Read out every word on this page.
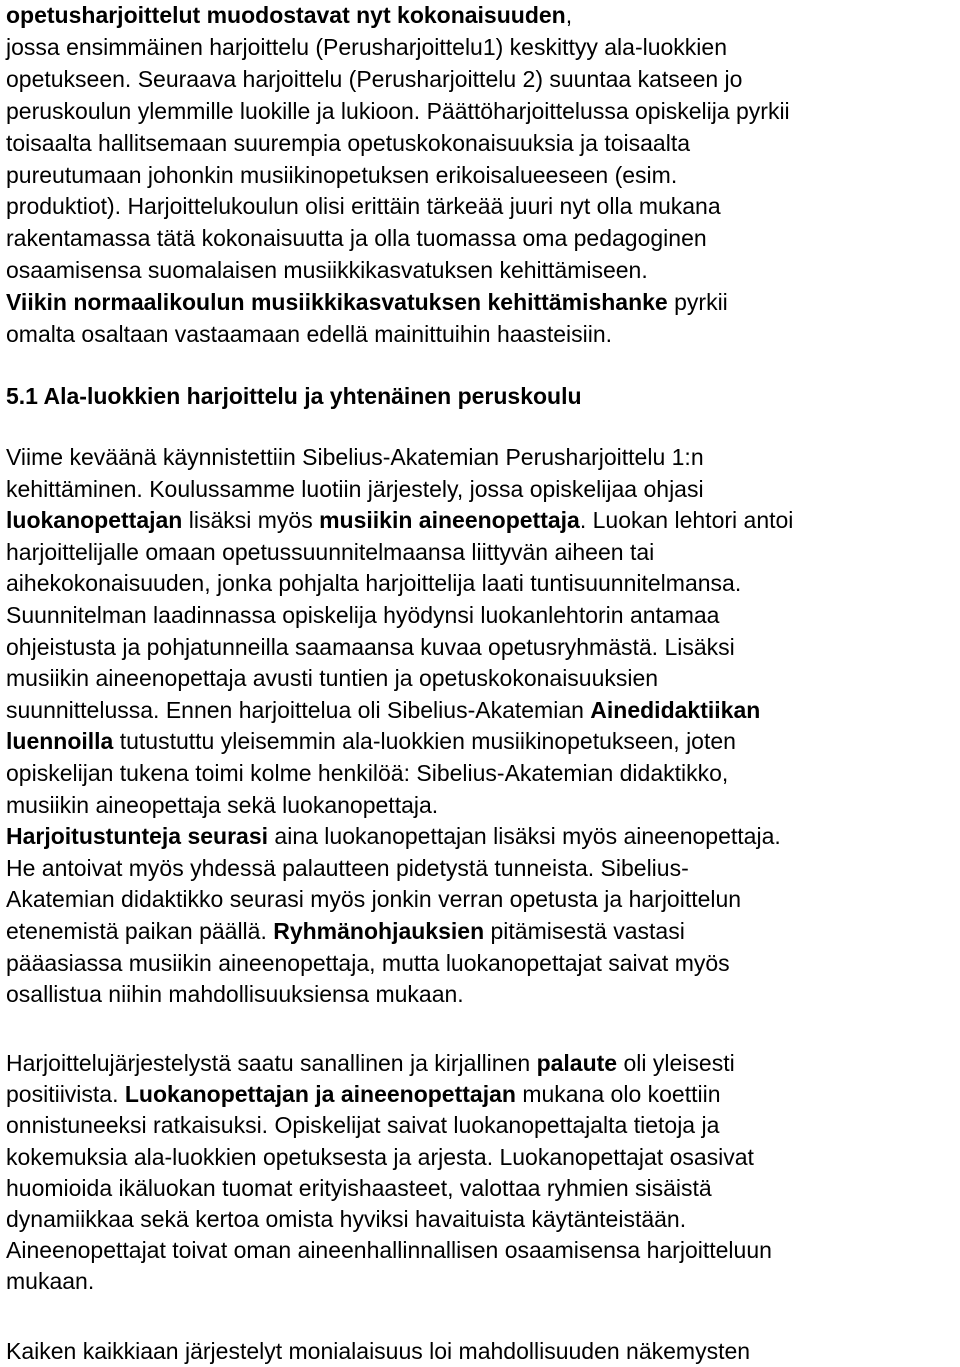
opetusharjoittelut muodostavat nyt kokonaisuuden,
jossa ensimmäinen harjoittelu (Perusharjoittelu1) keskittyy ala-luokkien
opetukseen. Seuraava harjoittelu (Perusharjoittelu 2) suuntaa katseen jo
peruskoulun ylemmille luokille ja lukioon. Päättöharjoittelussa opiskelija pyrkii
toisaalta hallitsemaan suurempia opetuskokonaisuuksia ja toisaalta
pureutumaan johonkin musiikinopetuksen erikoisalueeseen (esim.
produktiot). Harjoittelukoulun olisi erittäin tärkeää juuri nyt olla mukana
rakentamassa tätä kokonaisuutta ja olla tuomassa oma pedagoginen
osaamisensa suomalaisen musiikkikasvatuksen kehittämiseen.
Viikin normaalikoulun musiikkikasvatuksen kehittämishanke pyrkii
omalta osaltaan vastaamaan edellä mainittuihin haasteisiin.
5.1 Ala-luokkien harjoittelu ja yhtenäinen peruskoulu
Viime keväänä käynnistettiin Sibelius-Akatemian Perusharjoittelu 1:n
kehittäminen. Koulussamme luotiin järjestely, jossa opiskelijaa ohjasi
luokanopettajan lisäksi myös musiikin aineenopettaja. Luokan lehtori antoi
harjoittelijalle omaan opetussuunnitelmaansa liittyvän aiheen tai
aihekokonaisuuden, jonka pohjalta harjoittelija laati tuntisuunnitelmansa.
Suunnitelman laadinnassa opiskelija hyödynsi luokanlehtorin antamaa
ohjeistusta ja pohjatunneilla saamaansa kuvaa opetusryhmästä. Lisäksi
musiikin aineenopettaja avusti tuntien ja opetuskokonaisuuksien
suunnittelussa. Ennen harjoittelua oli Sibelius-Akatemian Ainedidaktiikan
luennoilla tutustuttu yleisemmin ala-luokkien musiikinopetukseen, joten
opiskelijan tukena toimi kolme henkilöä: Sibelius-Akatemian didaktikko,
musiikin aineopettaja sekä luokanopettaja.
Harjoitustunteja seurasi aina luokanopettajan lisäksi myös aineenopettaja.
He antoivat myös yhdessä palautteen pidetystä tunneista. Sibelius-
Akatemian didaktikko seurasi myös jonkin verran opetusta ja harjoittelun
etenemistä paikan päällä. Ryhmänohjauksien pitämisestä vastasi
pääasiassa musiikin aineenopettaja, mutta luokanopettajat saivat myös
osallistua niihin mahdollisuuksiensa mukaan.
Harjoittelujärjestelystä saatu sanallinen ja kirjallinen palaute oli yleisesti
positiivista. Luokanopettajan ja aineenopettajan mukana olo koettiin
onnistuneeksi ratkaisuksi. Opiskelijat saivat luokanopettajalta tietoja ja
kokemuksia ala-luokkien opetuksesta ja arjesta. Luokanopettajat osasivat
huomioida ikäluokan tuomat erityishaasteet, valottaa ryhmien sisäistä
dynamiikkaa sekä kertoa omista hyviksi havaituista käytänteistään.
Aineenopettajat toivat oman aineenhallinnallisen osaamisensa harjoitteluun
mukaan.
Kaiken kaikkiaan järjestelyt monialaisuus loi mahdollisuuden näkemysten
